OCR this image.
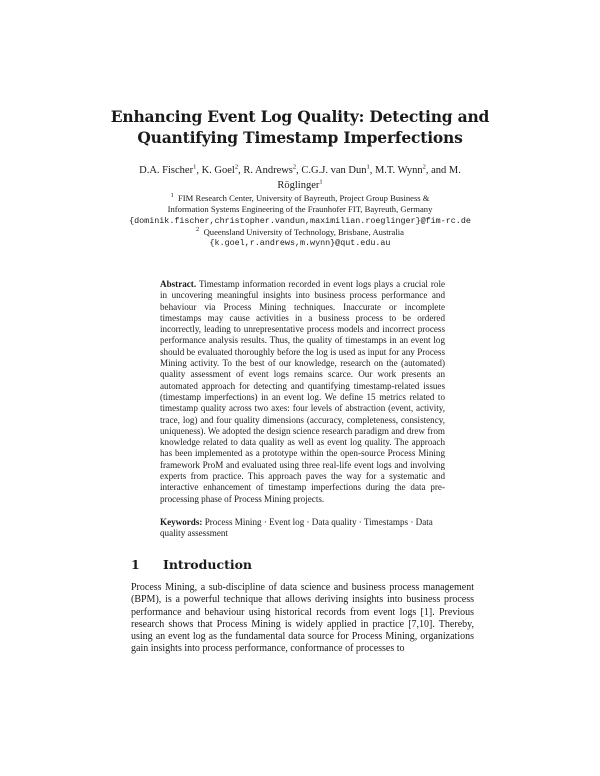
Enhancing Event Log Quality: Detecting and
Quantifying Timestamp Imperfections
D.A. Fischer$^1$, K. Goel$^2$, R. Andrews$^2$, C.G.J. van Dun$^1$, M.T. Wynn$^2$, and M.
Röglinger$^1$
$^1$ FIM Research Center, University of Bayreuth, Project Group Business &
Information Systems Engineering of the Fraunhofer FIT, Bayreuth, Germany
{dominik.fischer,christopher.vandun,maximilian.roeglinger}@fim-rc.de
$^2$ Queensland University of Technology, Brisbane, Australia
{k.goel,r.andrews,m.wynn}@qut.edu.au
Abstract. Timestamp information recorded in event logs plays a crucial role in uncovering meaningful insights into business process performance and behaviour via Process Mining techniques. Inaccurate or incomplete timestamps may cause activities in a business process to be ordered incorrectly, leading to unrepresentative process models and incorrect process performance analysis results. Thus, the quality of timestamps in an event log should be evaluated thoroughly before the log is used as input for any Process Mining activity. To the best of our knowledge, research on the (automated) quality assessment of event logs remains scarce. Our work presents an automated approach for detecting and quantifying timestamp-related issues (timestamp imperfections) in an event log. We define 15 metrics related to timestamp quality across two axes: four levels of abstraction (event, activity, trace, log) and four quality dimensions (accuracy, completeness, consistency, uniqueness). We adopted the design science research paradigm and drew from knowledge related to data quality as well as event log quality. The approach has been implemented as a prototype within the open-source Process Mining framework ProM and evaluated using three real-life event logs and involving experts from practice. This approach paves the way for a systematic and interactive enhancement of timestamp imperfections during the data pre-processing phase of Process Mining projects.
Keywords: Process Mining · Event log · Data quality · Timestamps · Data quality assessment
1 Introduction
Process Mining, a sub-discipline of data science and business process management (BPM), is a powerful technique that allows deriving insights into business process performance and behaviour using historical records from event logs [1]. Previous research shows that Process Mining is widely applied in practice [7,10]. Thereby, using an event log as the fundamental data source for Process Mining, organizations gain insights into process performance, conformance of processes to
